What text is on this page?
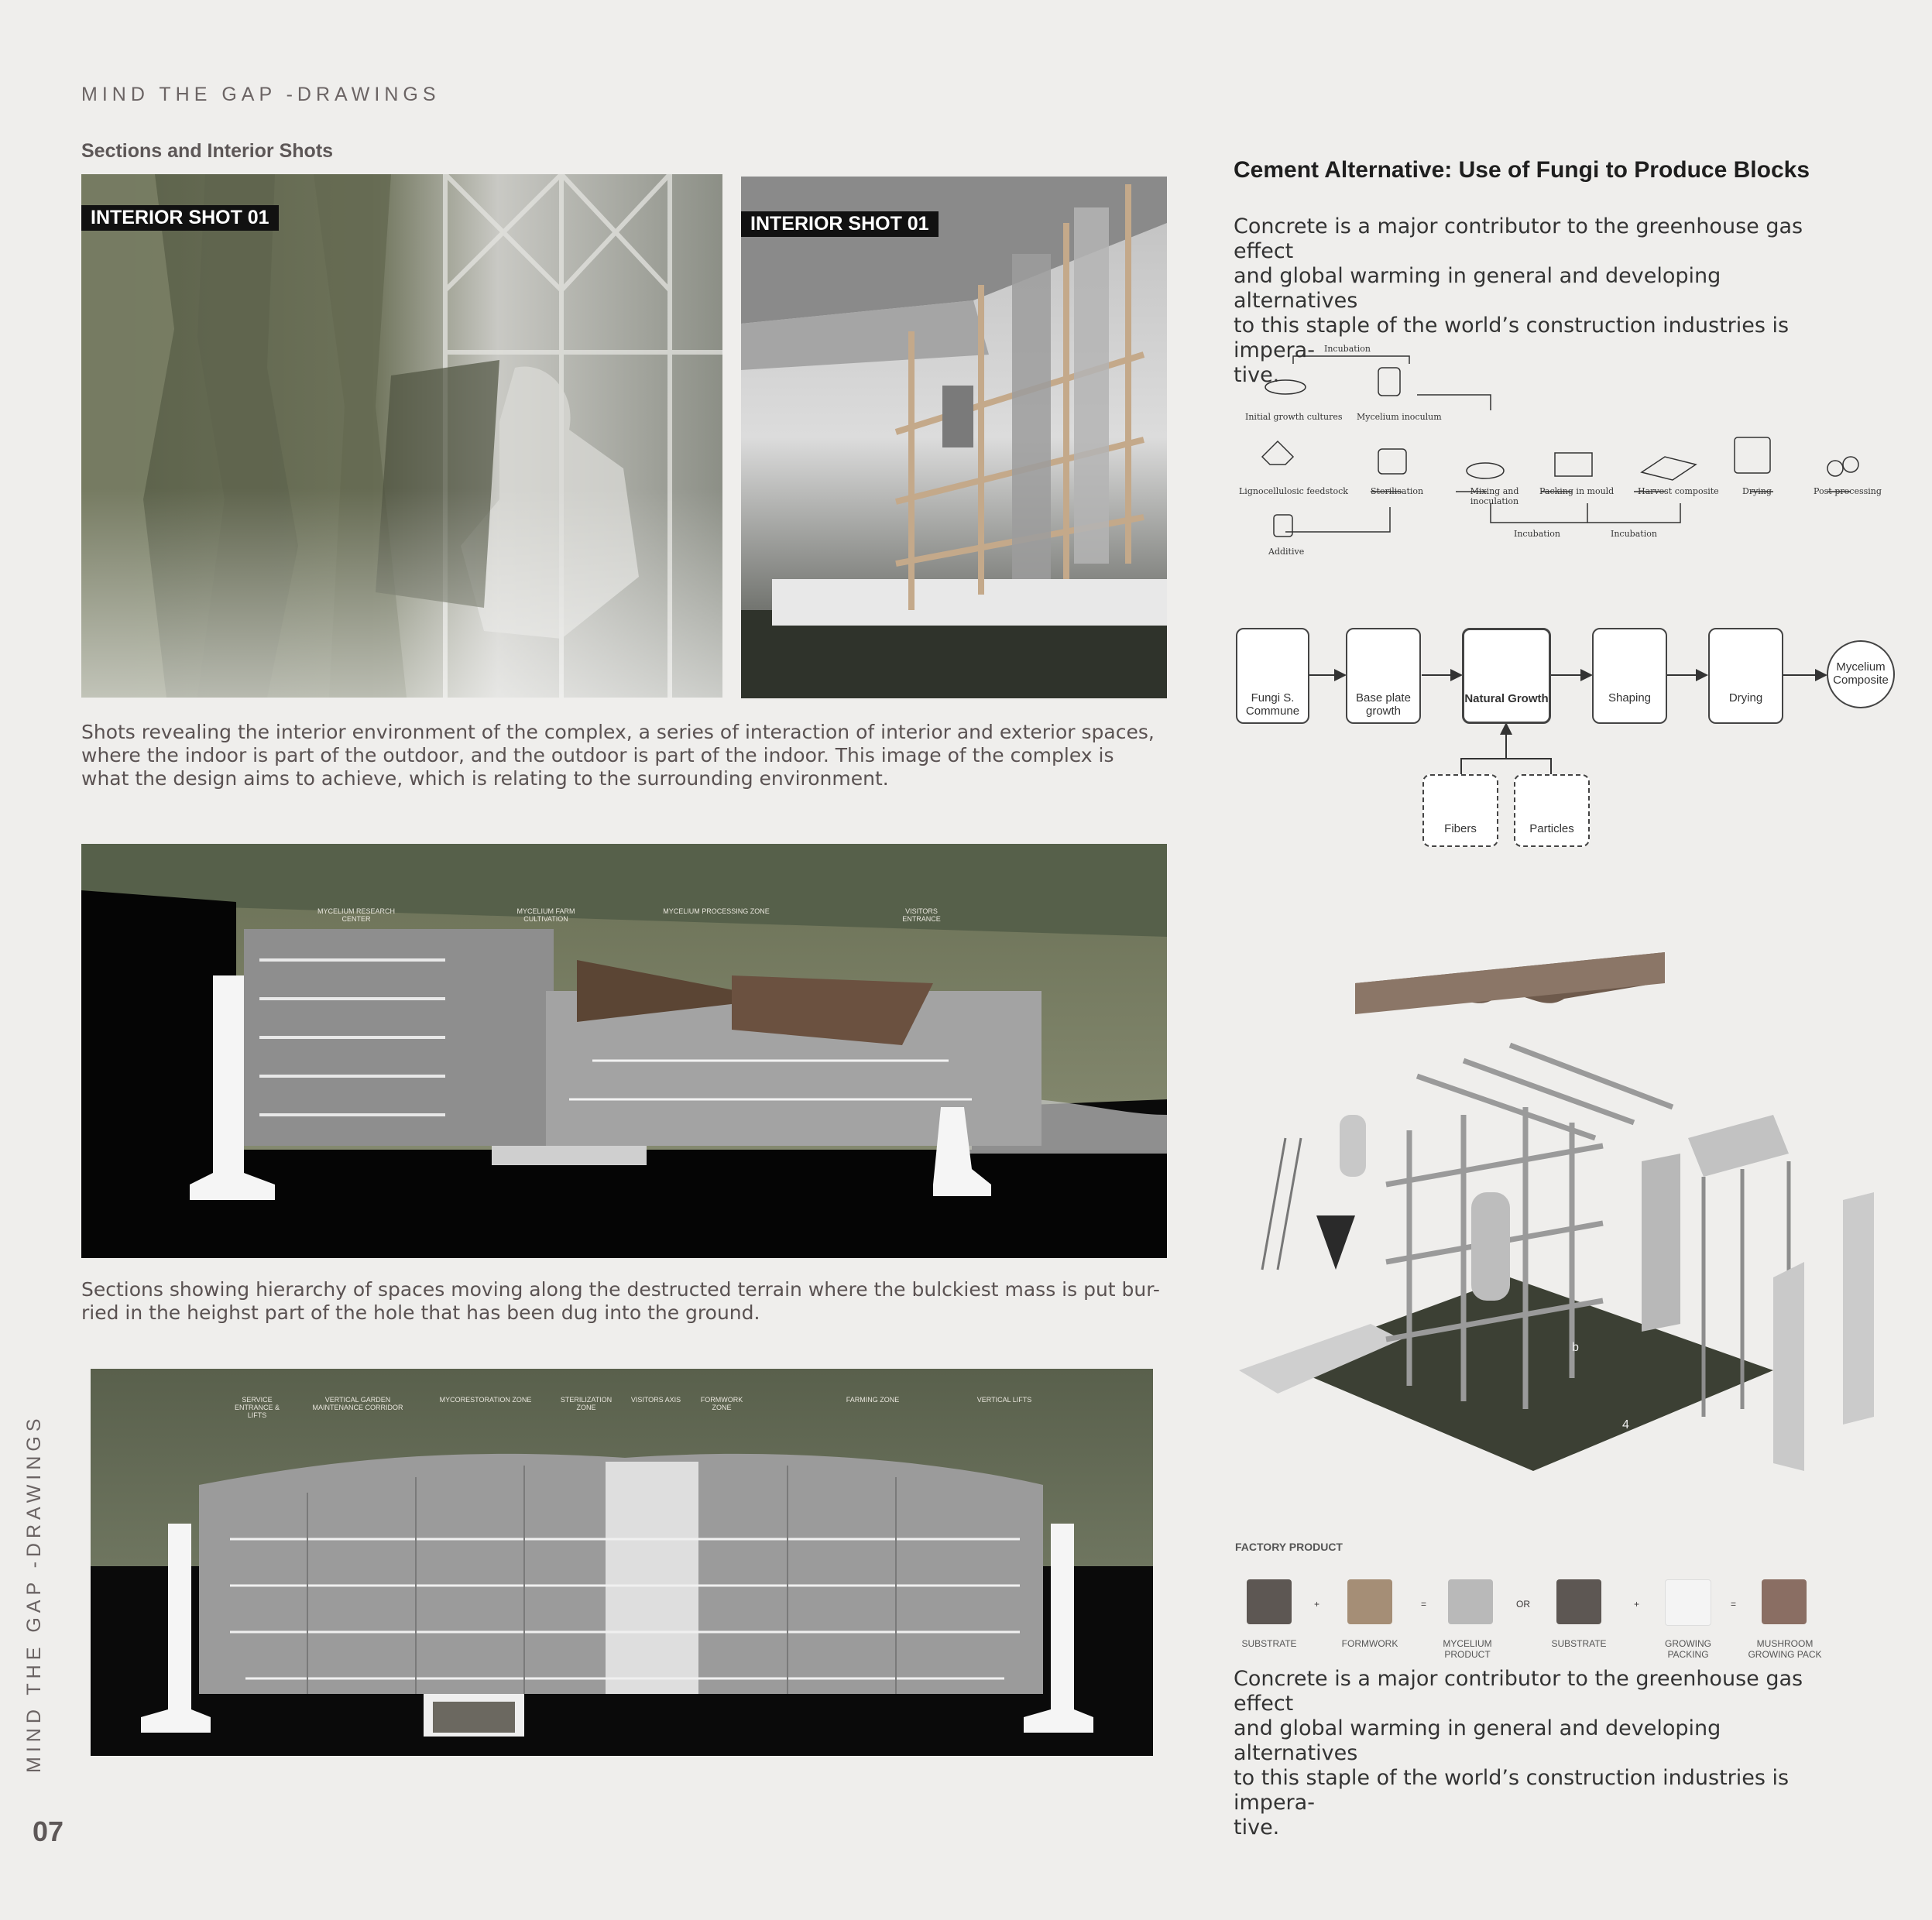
MIND THE GAP -DRAWINGS
Sections and Interior Shots
MIND THE GAP -DRAWINGS
07
INTERIOR SHOT 01	INTERIOR SHOT 01
Shots revealing the interior environment of the complex, a series of interaction of interior and exterior spaces,
where the indoor is part of the outdoor, and the outdoor is part of the indoor. This image of the complex is
what the design aims to achieve, which is relating to the surrounding environment.
MYCELIUM RESEARCH CENTER
MYCELIUM FARM CULTIVATION
MYCELIUM PROCESSING ZONE	VISITORS ENTRANCE
Sections showing hierarchy of spaces moving along the destructed terrain where the bulckiest mass is put bur-
ried in the heighst part of the hole that has been dug into the ground.
SERVICE ENTRANCE & LIFTS
VERTICAL GARDEN MAINTENANCE CORRIDOR
MYCORESTORATION ZONE	STERILIZATION ZONE
VISITORS AXIS	FORMWORK ZONE
FARMING ZONE	VERTICAL LIFTS
Cement Alternative: Use of Fungi to Produce Blocks
Concrete is a major contributor to the greenhouse gas effect
and global warming in general and developing alternatives
to this staple of the world’s construction industries is impera-
tive.
Incubation
Initial growth cultures Mycelium inoculum
Lignocellulosic feedstock	Sterilisation	Mixing and inoculation
Packing in mould	Harvest composite	Drying	Post-processing
Incubation	Incubation
Additive
Fungi S. Commune
Base plate growth
Natural Growth	Shaping	Drying
Mycelium Composite
Fibers	Particles
b
4
FACTORY PRODUCT
+	=	OR	+	=
SUBSTRATE	FORMWORK	MYCELIUM PRODUCT
SUBSTRATE	GROWING PACKING
MUSHROOM GROWING PACK
Concrete is a major contributor to the greenhouse gas effect
and global warming in general and developing alternatives
to this staple of the world’s construction industries is impera-
tive.
